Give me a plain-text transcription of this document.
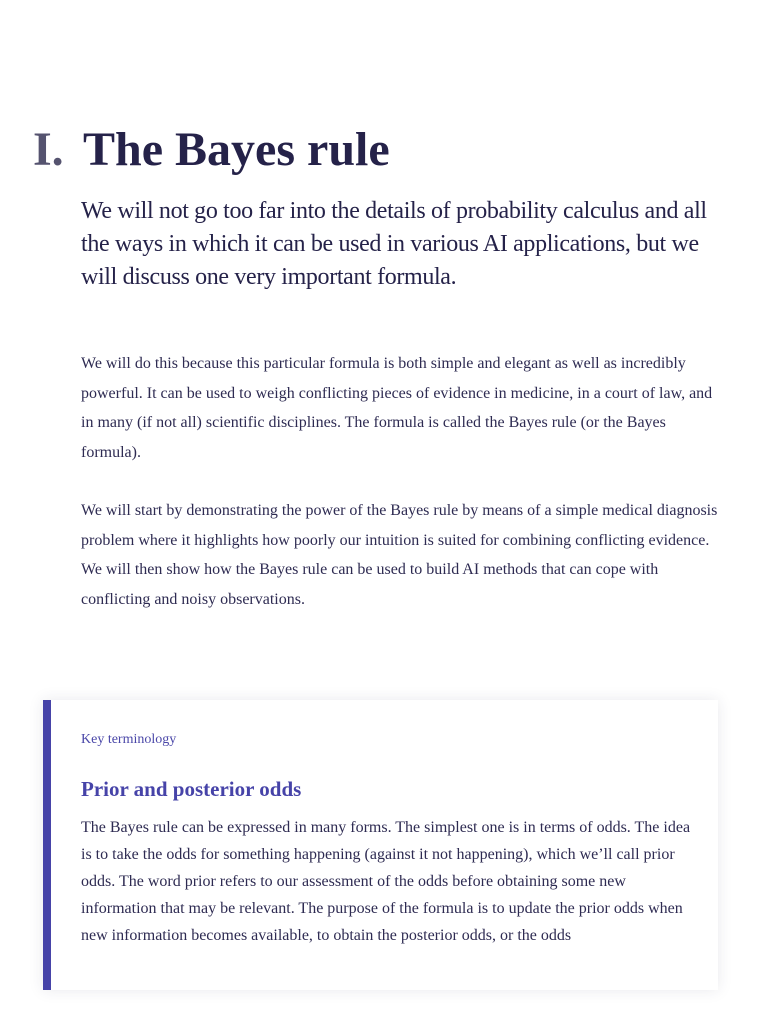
I. The Bayes rule

We will not go too far into the details of probability calculus and all the ways in which it can be used in various AI applications, but we will discuss one very important formula.

We will do this because this particular formula is both simple and elegant as well as incredibly powerful. It can be used to weigh conflicting pieces of evidence in medicine, in a court of law, and in many (if not all) scientific disciplines. The formula is called the Bayes rule (or the Bayes formula).

We will start by demonstrating the power of the Bayes rule by means of a simple medical diagnosis problem where it highlights how poorly our intuition is suited for combining conflicting evidence. We will then show how the Bayes rule can be used to build AI methods that can cope with conflicting and noisy observations.

Key terminology
Prior and posterior odds

The Bayes rule can be expressed in many forms. The simplest one is in terms of odds. The idea is to take the odds for something happening (against it not happening), which we’ll call prior odds. The word prior refers to our assessment of the odds before obtaining some new information that may be relevant. The purpose of the formula is to update the prior odds when new information becomes available, to obtain the posterior odds, or the odds
